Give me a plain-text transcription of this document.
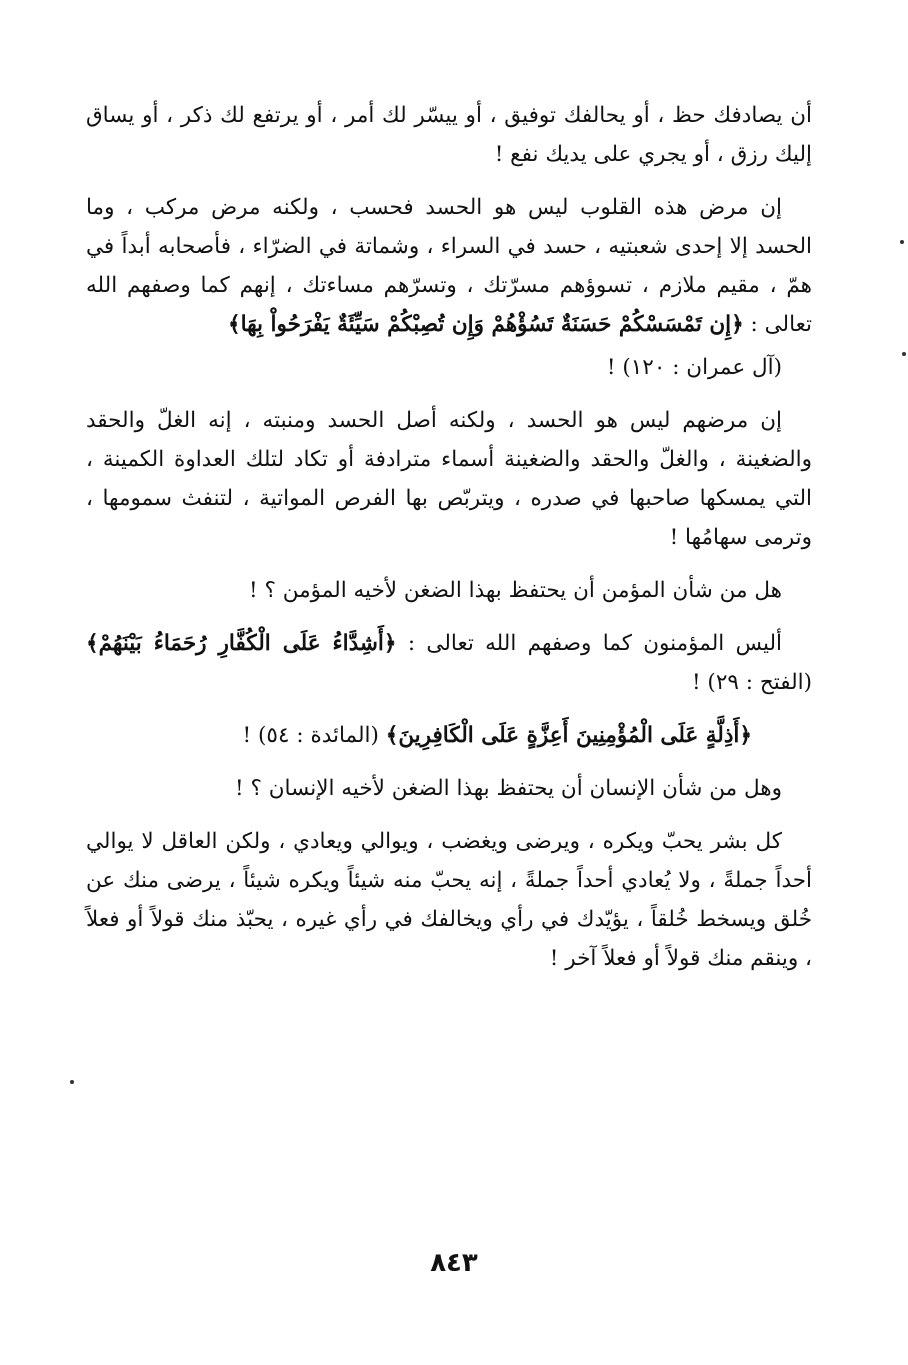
أن يصادفك حظ ، أو يحالفك توفيق ، أو ييسّر لك أمر ، أو يرتفع لك ذكر ، أو يساق إليك رزق ، أو يجري على يديك نفع !

إن مرض هذه القلوب ليس هو الحسد فحسب ، ولكنه مرض مركب ، وما الحسد إلا إحدى شعبتيه ، حسد في السراء ، وشماتة في الضرّاء ، فأصحابه أبداً في همّ ، مقيم ملازم ، تسوؤهم مسرّتك ، وتسرّهم مساءتك ، إنهم كما وصفهم الله تعالى : ﴿إِن تَمْسَسْكُمْ حَسَنَةٌ تَسُؤْهُمْ وَإِن تُصِبْكُمْ سَيِّئَةٌ يَفْرَحُواْ بِهَا﴾
(آل عمران : ١٢٠) !

إن مرضهم ليس هو الحسد ، ولكنه أصل الحسد ومنبته ، إنه الغلّ والحقد والضغينة ، والغلّ والحقد والضغينة أسماء مترادفة أو تكاد لتلك العداوة الكمينة ، التي يمسكها صاحبها في صدره ، ويتربّص بها الفرص المواتية ، لتنفث سمومها ، وترمى سهامُها !

هل من شأن المؤمن أن يحتفظ بهذا الضغن لأخيه المؤمن ؟ !

أليس المؤمنون كما وصفهم الله تعالى : ﴿أَشِدَّاءُ عَلَى الْكُفَّارِ رُحَمَاءُ بَيْنَهُمْ﴾ (الفتح : ٢٩) !

﴿أَذِلَّةٍ عَلَى الْمُؤْمِنِينَ أَعِزَّةٍ عَلَى الْكَافِرِينَ﴾ (المائدة : ٥٤) !

وهل من شأن الإنسان أن يحتفظ بهذا الضغن لأخيه الإنسان ؟ !

كل بشر يحبّ ويكره ، ويرضى ويغضب ، ويوالي ويعادي ، ولكن العاقل لا يوالي أحداً جملةً ، ولا يُعادي أحداً جملةً ، إنه يحبّ منه شيئاً ويكره شيئاً ، يرضى منك عن خُلق ويسخط خُلقاً ، يؤيّدك في رأي ويخالفك في رأي غيره ، يحبّذ منك قولاً أو فعلاً ، وينقم منك قولاً أو فعلاً آخر !

٨٤٣
